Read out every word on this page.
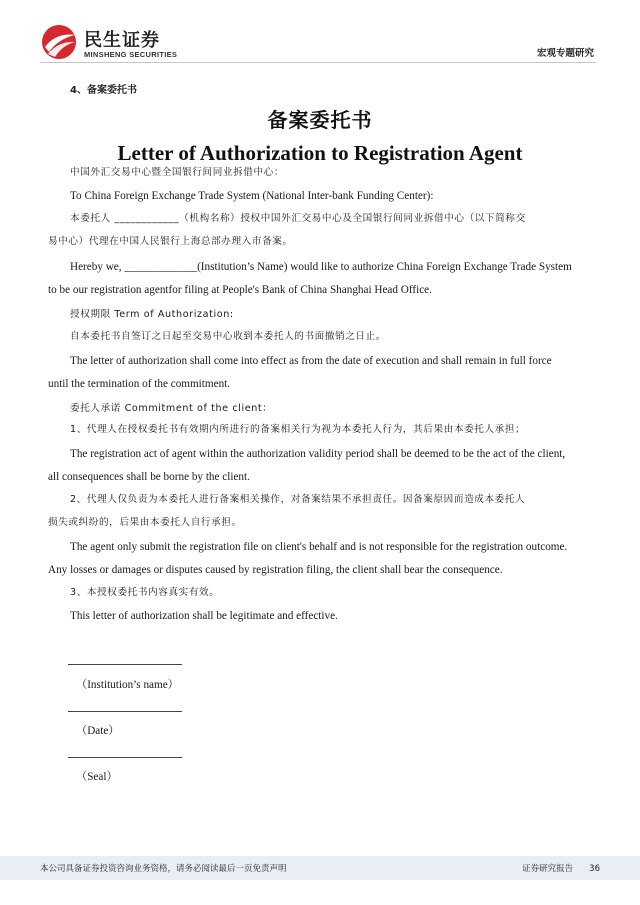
民生证券
MINSHENG SECURITIES	宏观专题研究
4、备案委托书
备案委托书
Letter of Authorization to Registration Agent
中国外汇交易中心暨全国银行间同业拆借中心：
To China Foreign Exchange Trade System (National Inter-bank Funding Center):
本委托人 ____________（机构名称）授权中国外汇交易中心及全国银行间同业拆借中心（以下简称交
易中心）代理在中国人民银行上海总部办理入市备案。
Hereby we, _____________(Institution’s Name) would like to authorize China Foreign Exchange Trade System
to be our registration agentfor filing at People's Bank of China Shanghai Head Office.
授权期限 Term of Authorization:
自本委托书自签订之日起至交易中心收到本委托人的书面撤销之日止。
The letter of authorization shall come into effect as from the date of execution and shall remain in full force
until the termination of the commitment.
委托人承诺 Commitment of the client：
1、代理人在授权委托书有效期内所进行的备案相关行为视为本委托人行为，其后果由本委托人承担；
The registration act of agent within the authorization validity period shall be deemed to be the act of the client,
all consequences shall be borne by the client.
2、代理人仅负责为本委托人进行备案相关操作，对备案结果不承担责任。因备案原因而造成本委托人
损失或纠纷的，后果由本委托人自行承担。
The agent only submit the registration file on client's behalf and is not responsible for the registration outcome.
Any losses or damages or disputes caused by registration filing, the client shall bear the consequence.
3、本授权委托书内容真实有效。
This letter of authorization shall be legitimate and effective.
（Institution’s name）
（Date）
（Seal）
本公司具备证券投资咨询业务资格，请务必阅读最后一页免责声明	证券研究报告 36
